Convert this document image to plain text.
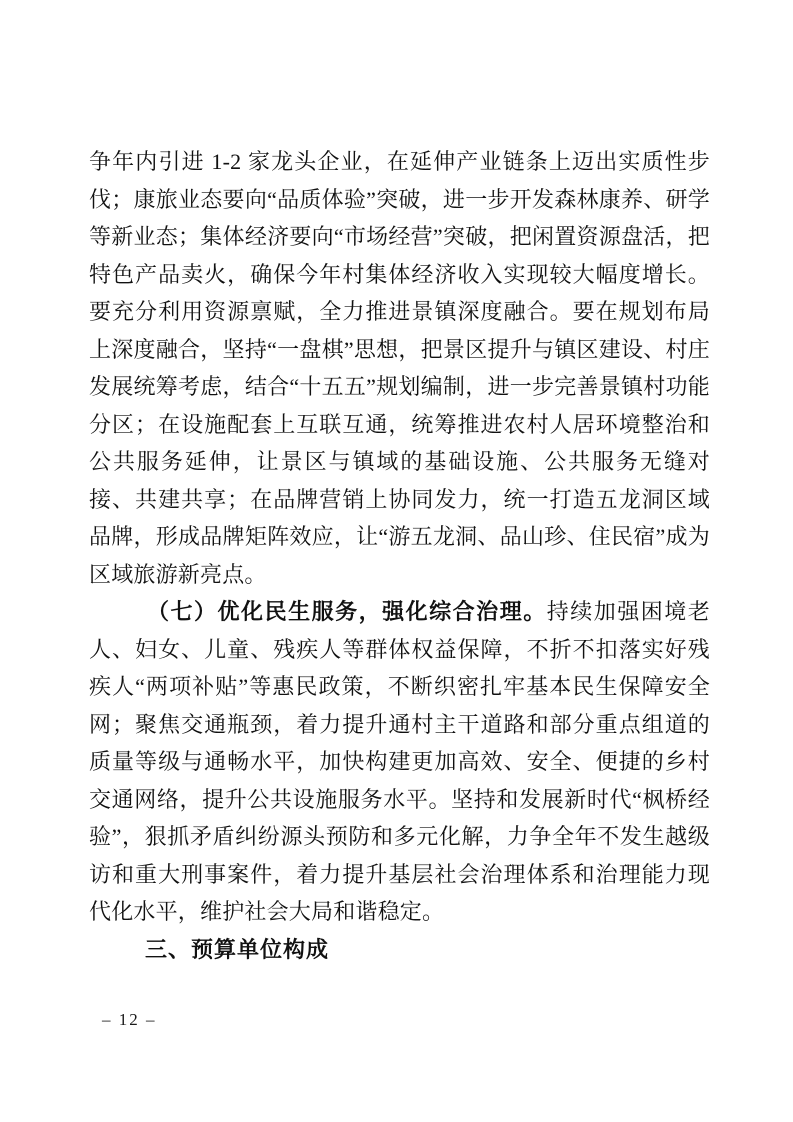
争年内引进 1-2 家龙头企业，在延伸产业链条上迈出实质性步伐；康旅业态要向“品质体验”突破，进一步开发森林康养、研学等新业态；集体经济要向“市场经营”突破，把闲置资源盘活，把特色产品卖火，确保今年村集体经济收入实现较大幅度增长。要充分利用资源禀赋，全力推进景镇深度融合。要在规划布局上深度融合，坚持“一盘棋”思想，把景区提升与镇区建设、村庄发展统筹考虑，结合“十五五”规划编制，进一步完善景镇村功能分区；在设施配套上互联互通，统筹推进农村人居环境整治和公共服务延伸，让景区与镇域的基础设施、公共服务无缝对接、共建共享；在品牌营销上协同发力，统一打造五龙洞区域品牌，形成品牌矩阵效应，让“游五龙洞、品山珍、住民宿”成为区域旅游新亮点。

（七）优化民生服务，强化综合治理。持续加强困境老人、妇女、儿童、残疾人等群体权益保障，不折不扣落实好残疾人“两项补贴”等惠民政策，不断织密扎牢基本民生保障安全网；聚焦交通瓶颈，着力提升通村主干道路和部分重点组道的质量等级与通畅水平，加快构建更加高效、安全、便捷的乡村交通网络，提升公共设施服务水平。坚持和发展新时代“枫桥经验”，狠抓矛盾纠纷源头预防和多元化解，力争全年不发生越级访和重大刑事案件，着力提升基层社会治理体系和治理能力现代化水平，维护社会大局和谐稳定。

三、预算单位构成
– 12 –
